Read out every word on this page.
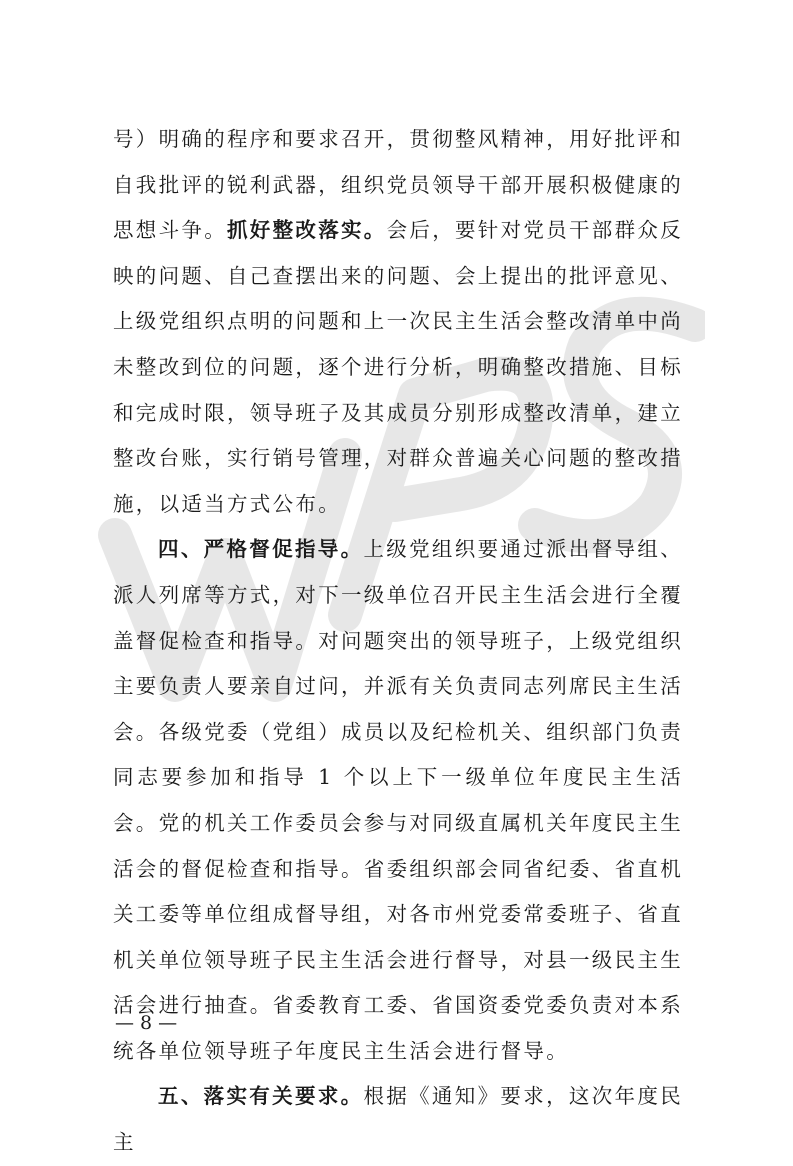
号）明确的程序和要求召开，贯彻整风精神，用好批评和自我批评的锐利武器，组织党员领导干部开展积极健康的思想斗争。抓好整改落实。会后，要针对党员干部群众反映的问题、自己查摆出来的问题、会上提出的批评意见、上级党组织点明的问题和上一次民主生活会整改清单中尚未整改到位的问题，逐个进行分析，明确整改措施、目标和完成时限，领导班子及其成员分别形成整改清单，建立整改台账，实行销号管理，对群众普遍关心问题的整改措施，以适当方式公布。

四、严格督促指导。上级党组织要通过派出督导组、派人列席等方式，对下一级单位召开民主生活会进行全覆盖督促检查和指导。对问题突出的领导班子，上级党组织主要负责人要亲自过问，并派有关负责同志列席民主生活会。各级党委（党组）成员以及纪检机关、组织部门负责同志要参加和指导 1 个以上下一级单位年度民主生活会。党的机关工作委员会参与对同级直属机关年度民主生活会的督促检查和指导。省委组织部会同省纪委、省直机关工委等单位组成督导组，对各市州党委常委班子、省直机关单位领导班子民主生活会进行督导，对县一级民主生活会进行抽查。省委教育工委、省国资委党委负责对本系统各单位领导班子年度民主生活会进行督导。

五、落实有关要求。根据《通知》要求，这次年度民主

— 8 —
